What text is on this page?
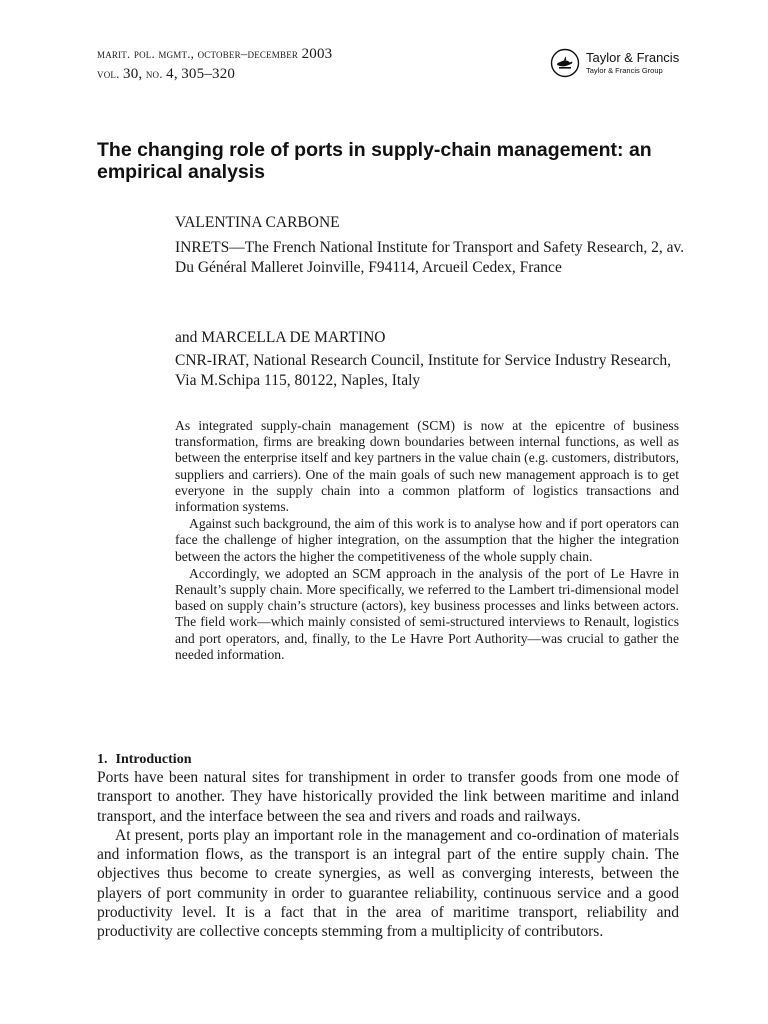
marit. pol. mgmt., october–december 2003
vol. 30, no. 4, 305–320
Taylor & Francis
Taylor & Francis Group
The changing role of ports in supply-chain management: an empirical analysis

VALENTINA CARBONE

INRETS—The French National Institute for Transport and Safety Research, 2, av. Du Général Malleret Joinville, F94114, Arcueil Cedex, France

and MARCELLA DE MARTINO

CNR-IRAT, National Research Council, Institute for Service Industry Research, Via M.Schipa 115, 80122, Naples, Italy

As integrated supply-chain management (SCM) is now at the epicentre of business transformation, firms are breaking down boundaries between internal functions, as well as between the enterprise itself and key partners in the value chain (e.g. customers, distributors, suppliers and carriers). One of the main goals of such new management approach is to get everyone in the supply chain into a common platform of logistics transactions and information systems.

Against such background, the aim of this work is to analyse how and if port operators can face the challenge of higher integration, on the assumption that the higher the integration between the actors the higher the competitiveness of the whole supply chain.

Accordingly, we adopted an SCM approach in the analysis of the port of Le Havre in Renault’s supply chain. More specifically, we referred to the Lambert tri-dimensional model based on supply chain’s structure (actors), key business processes and links between actors. The field work—which mainly consisted of semi-structured interviews to Renault, logistics and port operators, and, finally, to the Le Havre Port Authority—was crucial to gather the needed information.

1. Introduction

Ports have been natural sites for transhipment in order to transfer goods from one mode of transport to another. They have historically provided the link between maritime and inland transport, and the interface between the sea and rivers and roads and railways.

At present, ports play an important role in the management and co-ordination of materials and information flows, as the transport is an integral part of the entire supply chain. The objectives thus become to create synergies, as well as converging interests, between the players of port community in order to guarantee reliability, continuous service and a good productivity level. It is a fact that in the area of maritime transport, reliability and productivity are collective concepts stemming from a multiplicity of contributors.
